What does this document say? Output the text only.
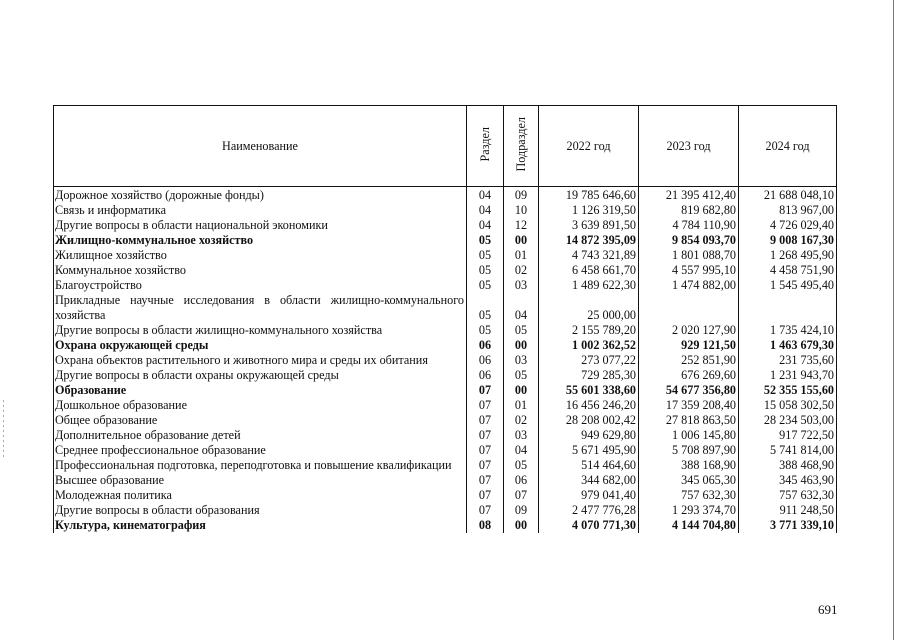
Наименование	Раздел	Подраздел	2022 год	2023 год	2024 год
Дорожное хозяйство (дорожные фонды)	04	09	19 785 646,60	21 395 412,40	21 688 048,10
Связь и информатика	04	10	1 126 319,50	819 682,80	813 967,00
Другие вопросы в области национальной экономики	04	12	3 639 891,50	4 784 110,90	4 726 029,40
Жилищно-коммунальное хозяйство	05	00	14 872 395,09	9 854 093,70	9 008 167,30
Жилищное хозяйство	05	01	4 743 321,89	1 801 088,70	1 268 495,90
Коммунальное хозяйство	05	02	6 458 661,70	4 557 995,10	4 458 751,90
Благоустройство	05	03	1 489 622,30	1 474 882,00	1 545 495,40
Прикладные научные исследования в области жилищно-коммунального хозяйства	05	04	25 000,00		
Другие вопросы в области жилищно-коммунального хозяйства	05	05	2 155 789,20	2 020 127,90	1 735 424,10
Охрана окружающей среды	06	00	1 002 362,52	929 121,50	1 463 679,30
Охрана объектов растительного и животного мира и среды их обитания	06	03	273 077,22	252 851,90	231 735,60
Другие вопросы в области охраны окружающей среды	06	05	729 285,30	676 269,60	1 231 943,70
Образование	07	00	55 601 338,60	54 677 356,80	52 355 155,60
Дошкольное образование	07	01	16 456 246,20	17 359 208,40	15 058 302,50
Общее образование	07	02	28 208 002,42	27 818 863,50	28 234 503,00
Дополнительное образование детей	07	03	949 629,80	1 006 145,80	917 722,50
Среднее профессиональное образование	07	04	5 671 495,90	5 708 897,90	5 741 814,00
Профессиональная подготовка, переподготовка и повышение квалификации	07	05	514 464,60	388 168,90	388 468,90
Высшее образование	07	06	344 682,00	345 065,30	345 463,90
Молодежная политика	07	07	979 041,40	757 632,30	757 632,30
Другие вопросы в области образования	07	09	2 477 776,28	1 293 374,70	911 248,50
Культура, кинематография	08	00	4 070 771,30	4 144 704,80	3 771 339,10
691
